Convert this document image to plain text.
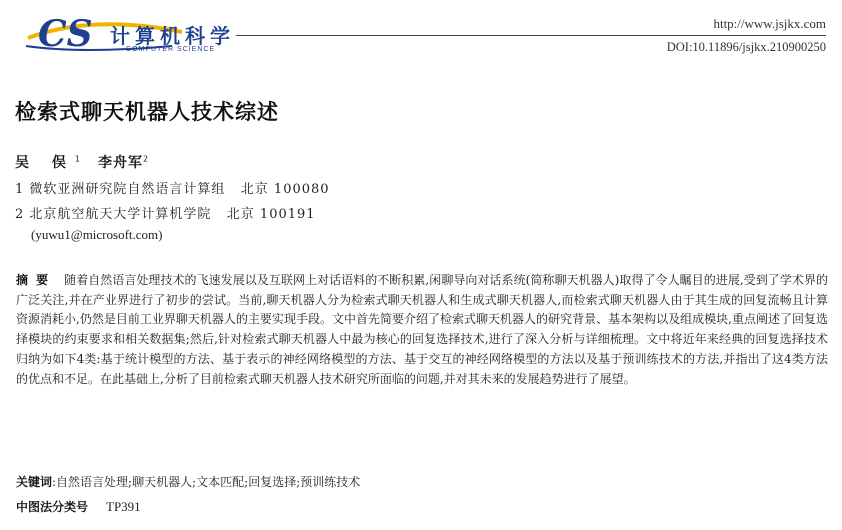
CS 计算机科学
COMPUTER SCIENCE
http://www.jsjkx.com
DOI:10.11896/jsjkx.210900250
检索式聊天机器人技术综述
吴 俣$^1$ 李舟军$^2$
1 微软亚洲研究院自然语言计算组   北京 100080
2 北京航空航天大学计算机学院   北京 100191
(yuwu1@microsoft.com)
摘要 随着自然语言处理技术的飞速发展以及互联网上对话语料的不断积累,闲聊导向对话系统(简称聊天机器人)取得了令人瞩目的进展,受到了学术界的广泛关注,并在产业界进行了初步的尝试。当前,聊天机器人分为检索式聊天机器人和生成式聊天机器人,而检索式聊天机器人由于其生成的回复流畅且计算资源消耗小,仍然是目前工业界聊天机器人的主要实现手段。文中首先简要介绍了检索式聊天机器人的研究背景、基本架构以及组成模块,重点阐述了回复选择模块的约束要求和相关数据集;然后,针对检索式聊天机器人中最为核心的回复选择技术,进行了深入分析与详细梳理。文中将近年来经典的回复选择技术归纳为如下4类:基于统计模型的方法、基于表示的神经网络模型的方法、基于交互的神经网络模型的方法以及基于预训练技术的方法,并指出了这4类方法的优点和不足。在此基础上,分析了目前检索式聊天机器人技术研究所面临的问题,并对其未来的发展趋势进行了展望。
关键词:自然语言处理;聊天机器人;文本匹配;回复选择;预训练技术
中图法分类号 TP391
